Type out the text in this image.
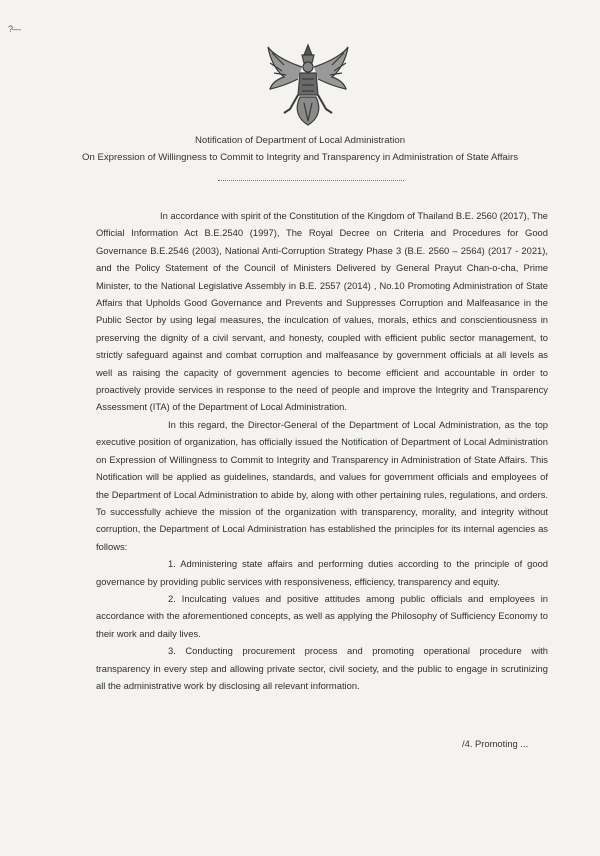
?—
Notification of Department of Local Administration
On Expression of Willingness to Commit to Integrity and Transparency in Administration of State Affairs

In accordance with spirit of the Constitution of the Kingdom of Thailand B.E. 2560 (2017), The Official Information Act B.E.2540 (1997), The Royal Decree on Criteria and Procedures for Good Governance B.E.2546 (2003), National Anti-Corruption Strategy Phase 3 (B.E. 2560 – 2564) (2017 - 2021), and the Policy Statement of the Council of Ministers Delivered by General Prayut Chan-o-cha, Prime Minister, to the National Legislative Assembly in B.E. 2557 (2014) , No.10 Promoting Administration of State Affairs that Upholds Good Governance and Prevents and Suppresses Corruption and Malfeasance in the Public Sector by using legal measures, the inculcation of values, morals, ethics and conscientiousness in preserving the dignity of a civil servant, and honesty, coupled with efficient public sector management, to strictly safeguard against and combat corruption and malfeasance by government officials at all levels as well as raising the capacity of government agencies to become efficient and accountable in order to proactively provide services in response to the need of people and improve the Integrity and Transparency Assessment (ITA) of the Department of Local Administration.

In this regard, the Director-General of the Department of Local Administration, as the top executive position of organization, has officially issued the Notification of Department of Local Administration on Expression of Willingness to Commit to Integrity and Transparency in Administration of State Affairs. This Notification will be applied as guidelines, standards, and values for government officials and employees of the Department of Local Administration to abide by, along with other pertaining rules, regulations, and orders. To successfully achieve the mission of the organization with transparency, morality, and integrity without corruption, the Department of Local Administration has established the principles for its internal agencies as follows:

1. Administering state affairs and performing duties according to the principle of good governance by providing public services with responsiveness, efficiency, transparency and equity.

2. Inculcating values and positive attitudes among public officials and employees in accordance with the aforementioned concepts, as well as applying the Philosophy of Sufficiency Economy to their work and daily lives.

3. Conducting procurement process and promoting operational procedure with transparency in every step and allowing private sector, civil society, and the public to engage in scrutinizing all the administrative work by disclosing all relevant information.

/4. Promoting ...
